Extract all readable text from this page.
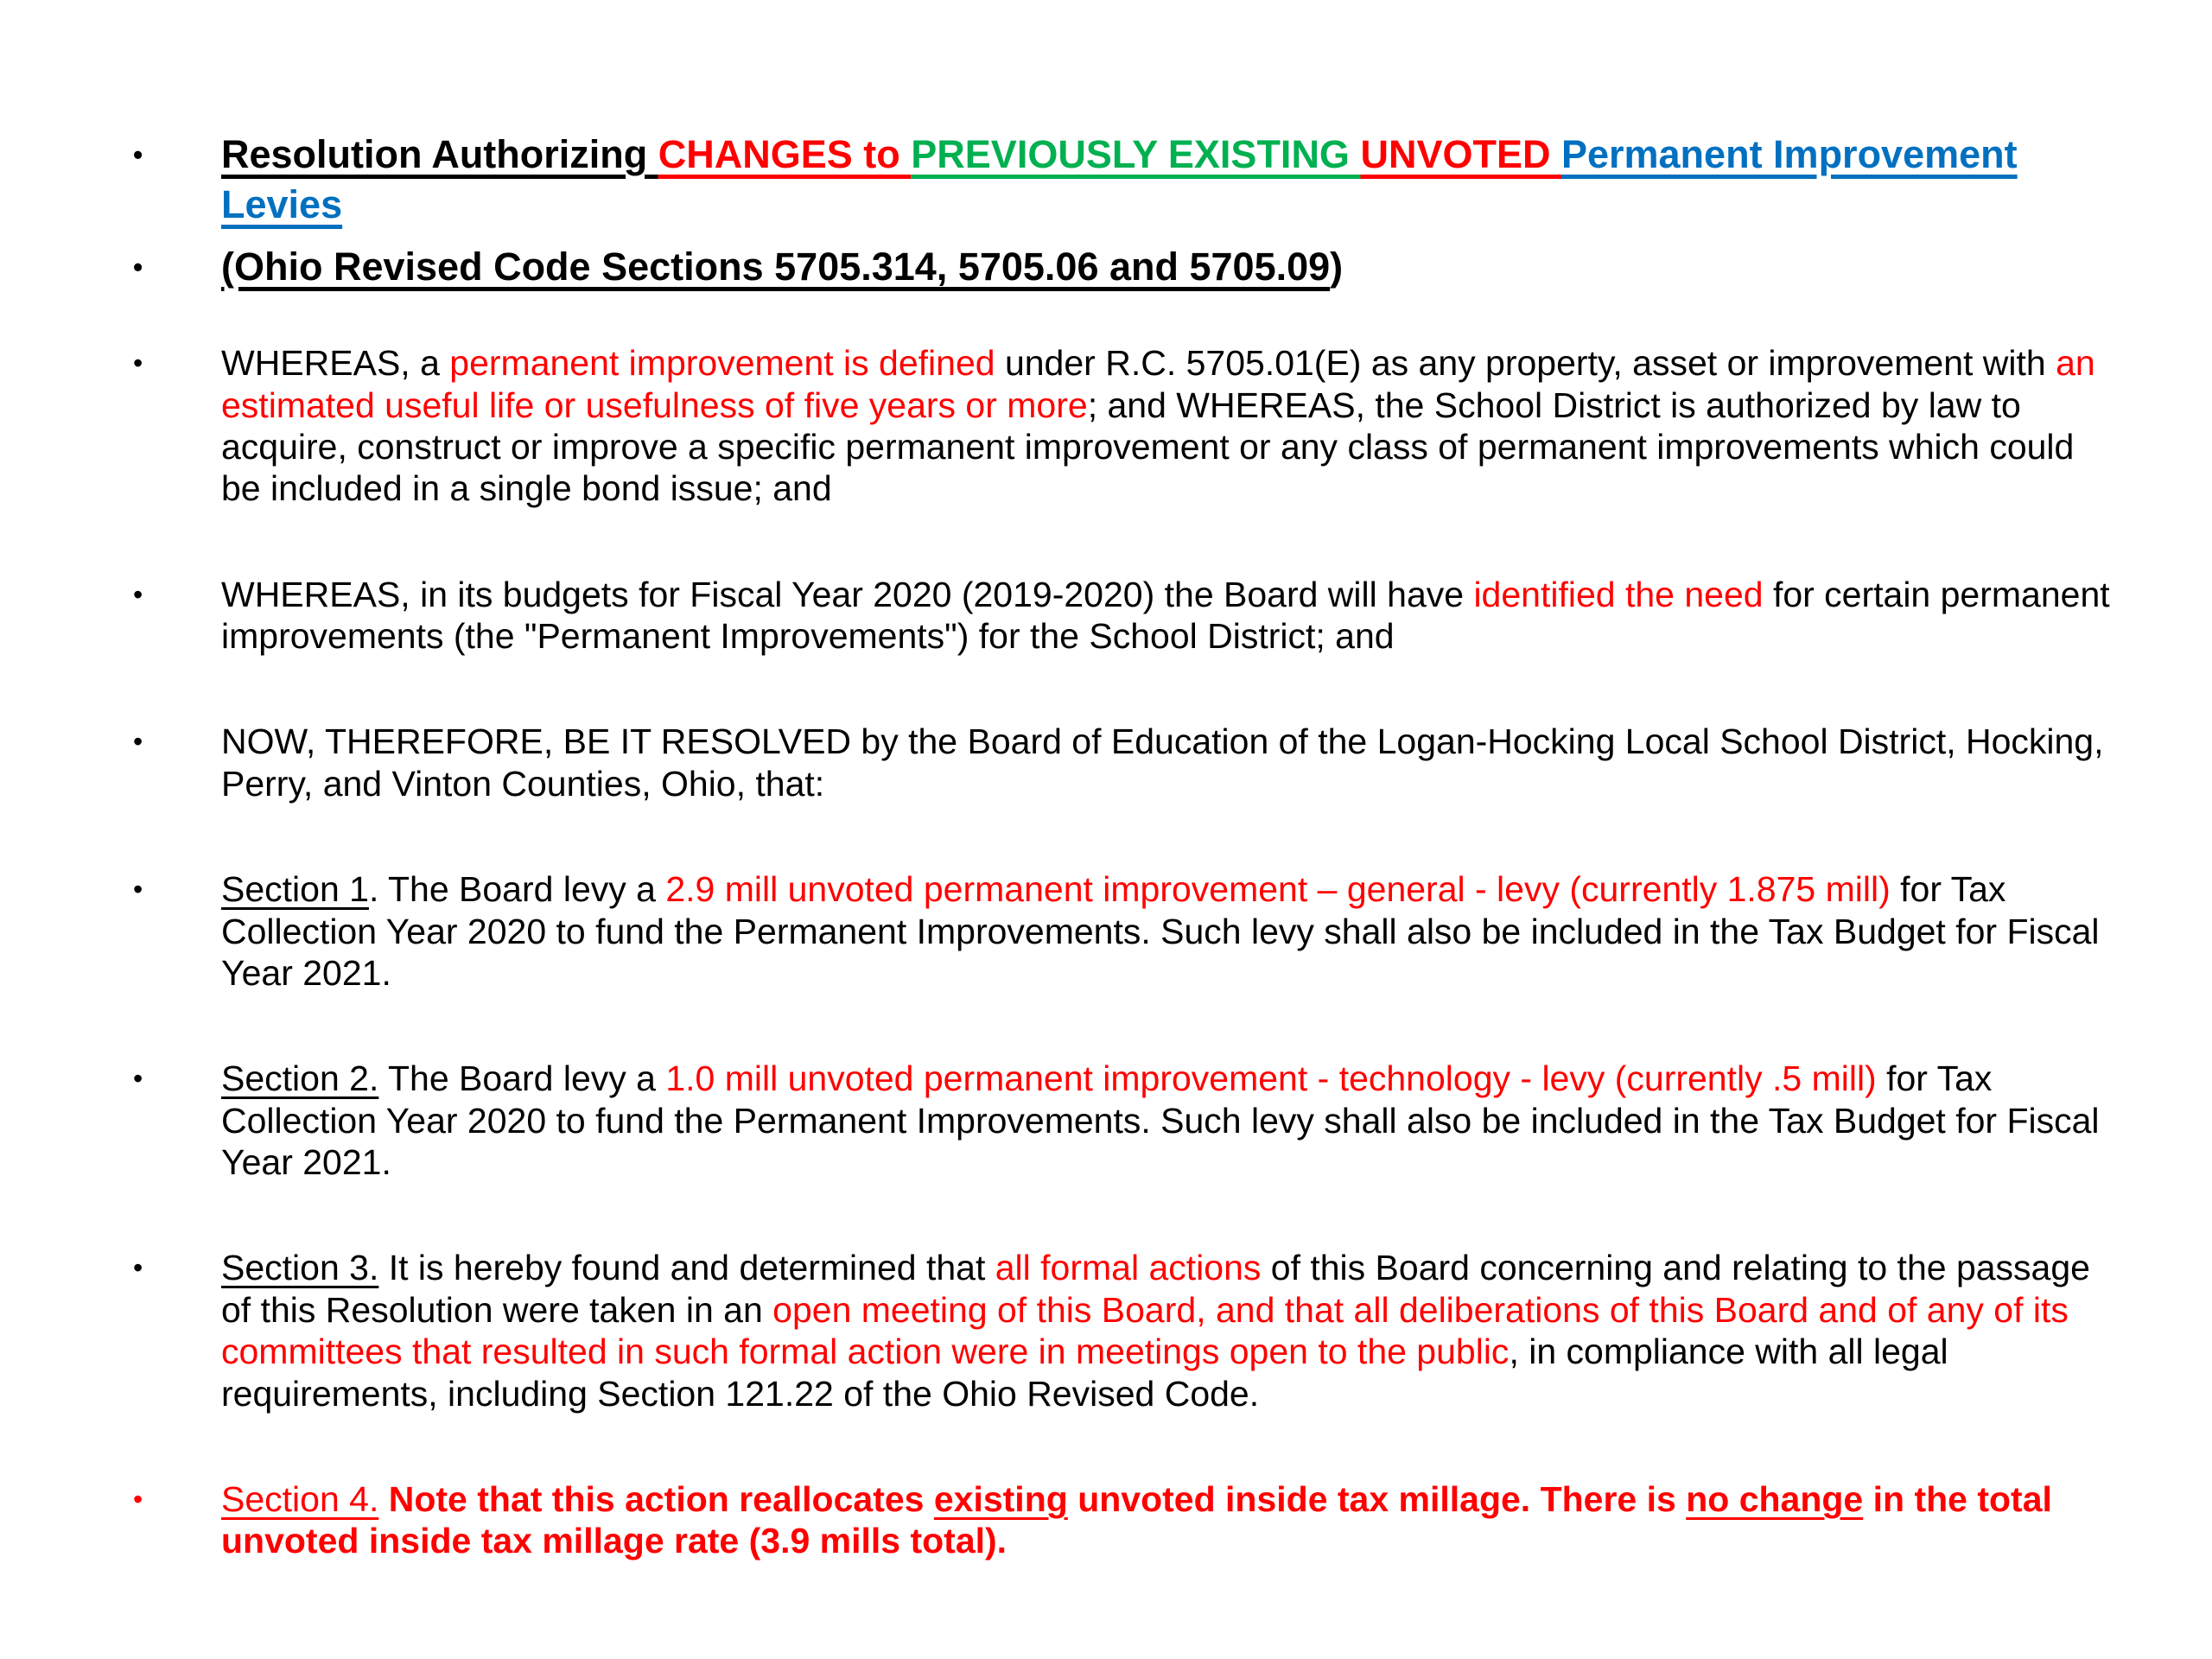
•	Resolution Authorizing CHANGES to PREVIOUSLY EXISTING UNVOTED Permanent Improvement Levies
•	(Ohio Revised Code Sections 5705.314, 5705.06 and 5705.09)
•	WHEREAS, a permanent improvement is defined under R.C. 5705.01(E) as any property, asset or improvement with an estimated useful life or usefulness of five years or more; and WHEREAS, the School District is authorized by law to acquire, construct or improve a specific permanent improvement or any class of permanent improvements which could be included in a single bond issue; and
•	WHEREAS, in its budgets for Fiscal Year 2020 (2019-2020) the Board will have identified the need for certain permanent improvements (the "Permanent Improvements") for the School District; and
•	NOW, THEREFORE, BE IT RESOLVED by the Board of Education of the Logan-Hocking Local School District, Hocking, Perry, and Vinton Counties, Ohio, that:
•	Section 1. The Board levy a 2.9 mill unvoted permanent improvement – general - levy (currently 1.875 mill) for Tax Collection Year 2020 to fund the Permanent Improvements. Such levy shall also be included in the Tax Budget for Fiscal Year 2021.
•	Section 2. The Board levy a 1.0 mill unvoted permanent improvement - technology - levy (currently .5 mill) for Tax Collection Year 2020 to fund the Permanent Improvements. Such levy shall also be included in the Tax Budget for Fiscal Year 2021.
•	Section 3. It is hereby found and determined that all formal actions of this Board concerning and relating to the passage of this Resolution were taken in an open meeting of this Board, and that all deliberations of this Board and of any of its committees that resulted in such formal action were in meetings open to the public, in compliance with all legal requirements, including Section 121.22 of the Ohio Revised Code.
•	Section 4. Note that this action reallocates existing unvoted inside tax millage. There is no change in the total unvoted inside tax millage rate (3.9 mills total).
